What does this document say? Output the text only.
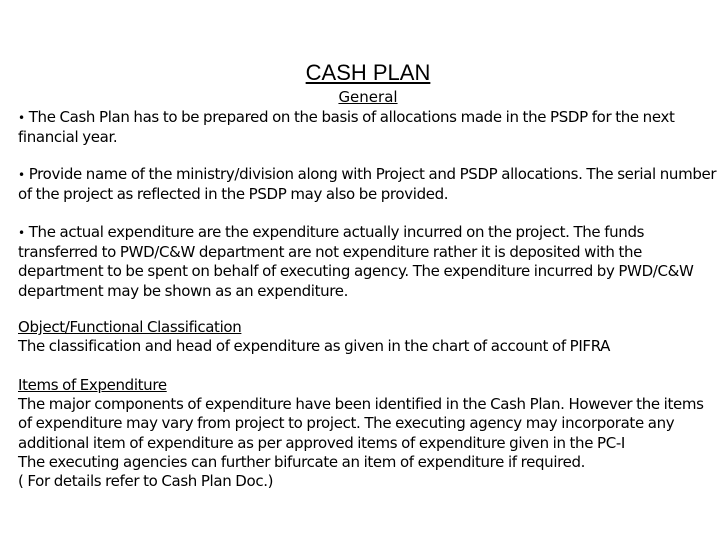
CASH PLAN
General

• The Cash Plan has to be prepared on the basis of allocations made in the PSDP for the next financial year.

• Provide name of the ministry/division along with Project and PSDP allocations. The serial number of the project as reflected in the PSDP may also be provided.

• The actual expenditure are the expenditure actually incurred on the project. The funds transferred to PWD/C&W department are not expenditure rather it is deposited with the department to be spent on behalf of executing agency. The expenditure incurred by PWD/C&W department may be shown as an expenditure.

Object/Functional Classification

The classification and head of expenditure as given in the chart of account of PIFRA

Items of Expenditure

The major components of expenditure have been identified in the Cash Plan. However the items of expenditure may vary from project to project. The executing agency may incorporate any additional item of expenditure as per approved items of expenditure given in the PC-I

The executing agencies can further bifurcate an item of expenditure if required.

( For details refer to Cash Plan Doc.)
